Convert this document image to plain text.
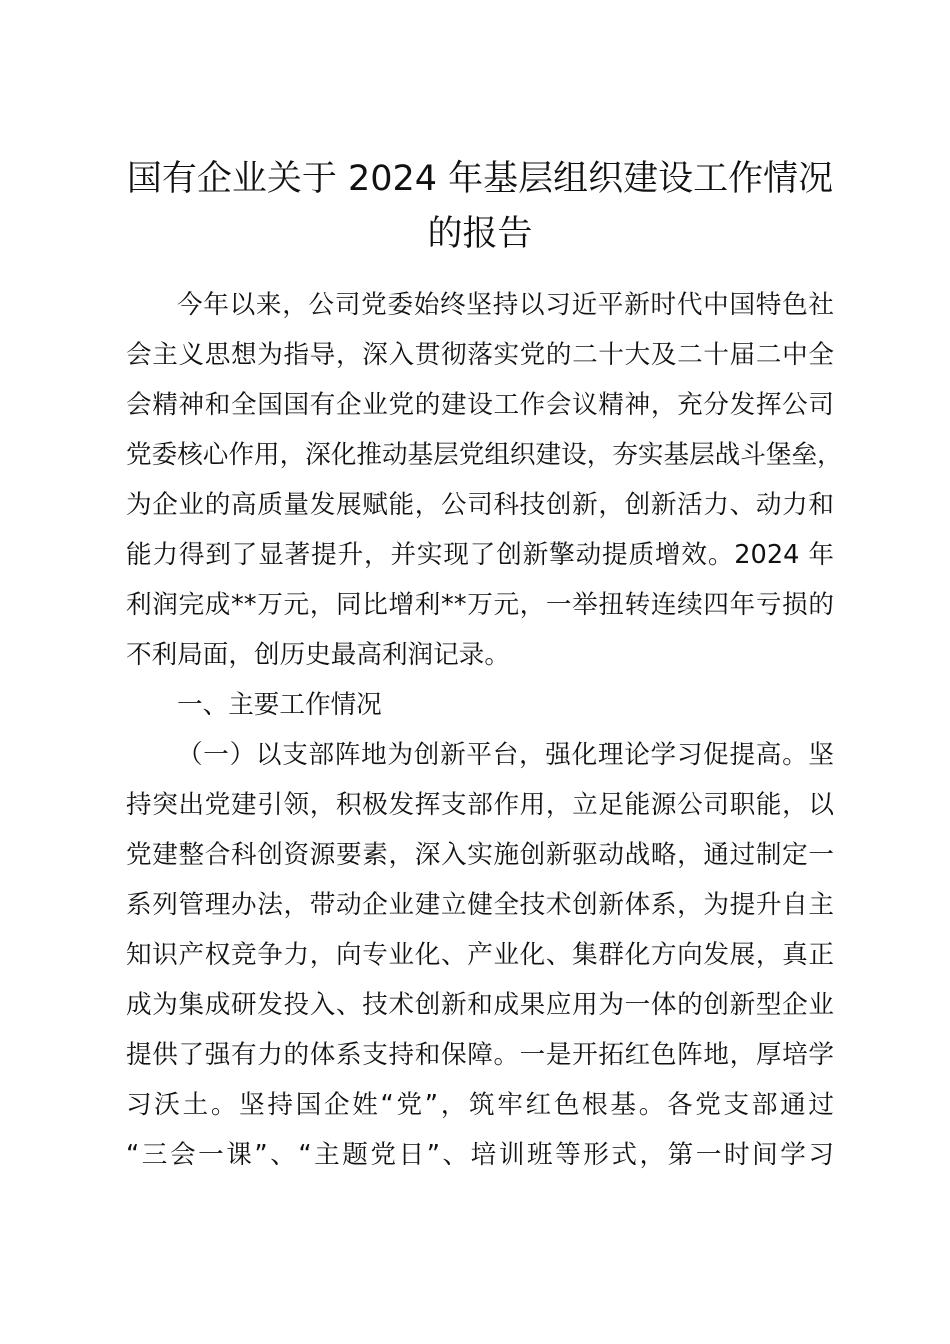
国有企业关于 2024 年基层组织建设工作情况
的报告
今年以来，公司党委始终坚持以习近平新时代中国特色社
会主义思想为指导，深入贯彻落实党的二十大及二十届二中全
会精神和全国国有企业党的建设工作会议精神，充分发挥公司
党委核心作用，深化推动基层党组织建设，夯实基层战斗堡垒，
为企业的高质量发展赋能，公司科技创新，创新活力、动力和
能力得到了显著提升，并实现了创新擎动提质增效。2024 年
利润完成**万元，同比增利**万元，一举扭转连续四年亏损的
不利局面，创历史最高利润记录。
一、主要工作情况
（一）以支部阵地为创新平台，强化理论学习促提高。坚
持突出党建引领，积极发挥支部作用，立足能源公司职能，以
党建整合科创资源要素，深入实施创新驱动战略，通过制定一
系列管理办法，带动企业建立健全技术创新体系，为提升自主
知识产权竞争力，向专业化、产业化、集群化方向发展，真正
成为集成研发投入、技术创新和成果应用为一体的创新型企业
提供了强有力的体系支持和保障。一是开拓红色阵地，厚培学
习沃土。坚持国企姓“党”，筑牢红色根基。各党支部通过
“三会一课”、“主题党日”、培训班等形式，第一时间学习
